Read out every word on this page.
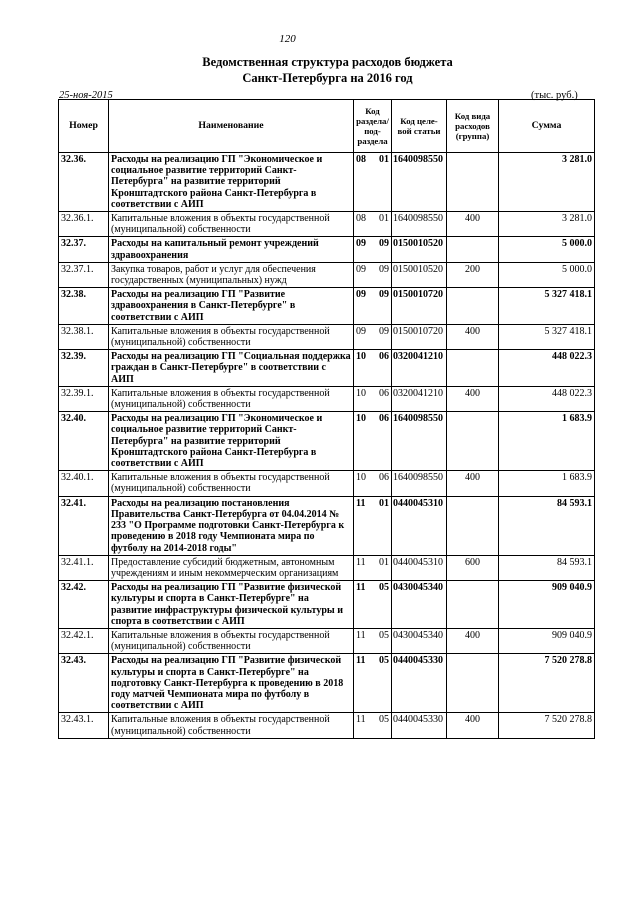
120
Ведомственная структура расходов бюджета
Санкт-Петербурга на 2016 год
25-ноя-2015	(тыс. руб.)
Номер	Наименование	Код раздела/ под- раздела	Код целе- вой статьи	Код вида расходов (группа)	Сумма
32.36.	Расходы на реализацию ГП "Экономическое и социальное развитие территорий Санкт-Петербурга" на развитие территорий Кронштадтского района Санкт-Петербурга в соответствии с АИП	08 01	1640098550		3 281.0
32.36.1.	Капитальные вложения в объекты государственной (муниципальной) собственности	08 01	1640098550	400	3 281.0
32.37.	Расходы на капитальный ремонт учреждений здравоохранения	09 09	0150010520		5 000.0
32.37.1.	Закупка товаров, работ и услуг для обеспечения государственных (муниципальных) нужд	09 09	0150010520	200	5 000.0
32.38.	Расходы на реализацию ГП "Развитие здравоохранения в Санкт-Петербурге" в соответствии с АИП	09 09	0150010720		5 327 418.1
32.38.1.	Капитальные вложения в объекты государственной (муниципальной) собственности	09 09	0150010720	400	5 327 418.1
32.39.	Расходы на реализацию ГП "Социальная поддержка граждан в Санкт-Петербурге" в соответствии с АИП	10 06	0320041210		448 022.3
32.39.1.	Капитальные вложения в объекты государственной (муниципальной) собственности	10 06	0320041210	400	448 022.3
32.40.	Расходы на реализацию ГП "Экономическое и социальное развитие территорий Санкт-Петербурга" на развитие территорий Кронштадтского района Санкт-Петербурга в соответствии с АИП	10 06	1640098550		1 683.9
32.40.1.	Капитальные вложения в объекты государственной (муниципальной) собственности	10 06	1640098550	400	1 683.9
32.41.	Расходы на реализацию постановления Правительства Санкт-Петербурга от 04.04.2014 № 233 "О Программе подготовки Санкт-Петербурга к проведению в 2018 году Чемпионата мира по футболу на 2014-2018 годы"	11 01	0440045310		84 593.1
32.41.1.	Предоставление субсидий бюджетным, автономным учреждениям и иным некоммерческим организациям	11 01	0440045310	600	84 593.1
32.42.	Расходы на реализацию ГП "Развитие физической культуры и спорта в Санкт-Петербурге" на развитие инфраструктуры физической культуры и спорта в соответствии с АИП	11 05	0430045340		909 040.9
32.42.1.	Капитальные вложения в объекты государственной (муниципальной) собственности	11 05	0430045340	400	909 040.9
32.43.	Расходы на реализацию ГП "Развитие физической культуры и спорта в Санкт-Петербурге" на подготовку Санкт-Петербурга к проведению в 2018 году матчей Чемпионата мира по футболу в соответствии с АИП	11 05	0440045330		7 520 278.8
32.43.1.	Капитальные вложения в объекты государственной (муниципальной) собственности	11 05	0440045330	400	7 520 278.8
